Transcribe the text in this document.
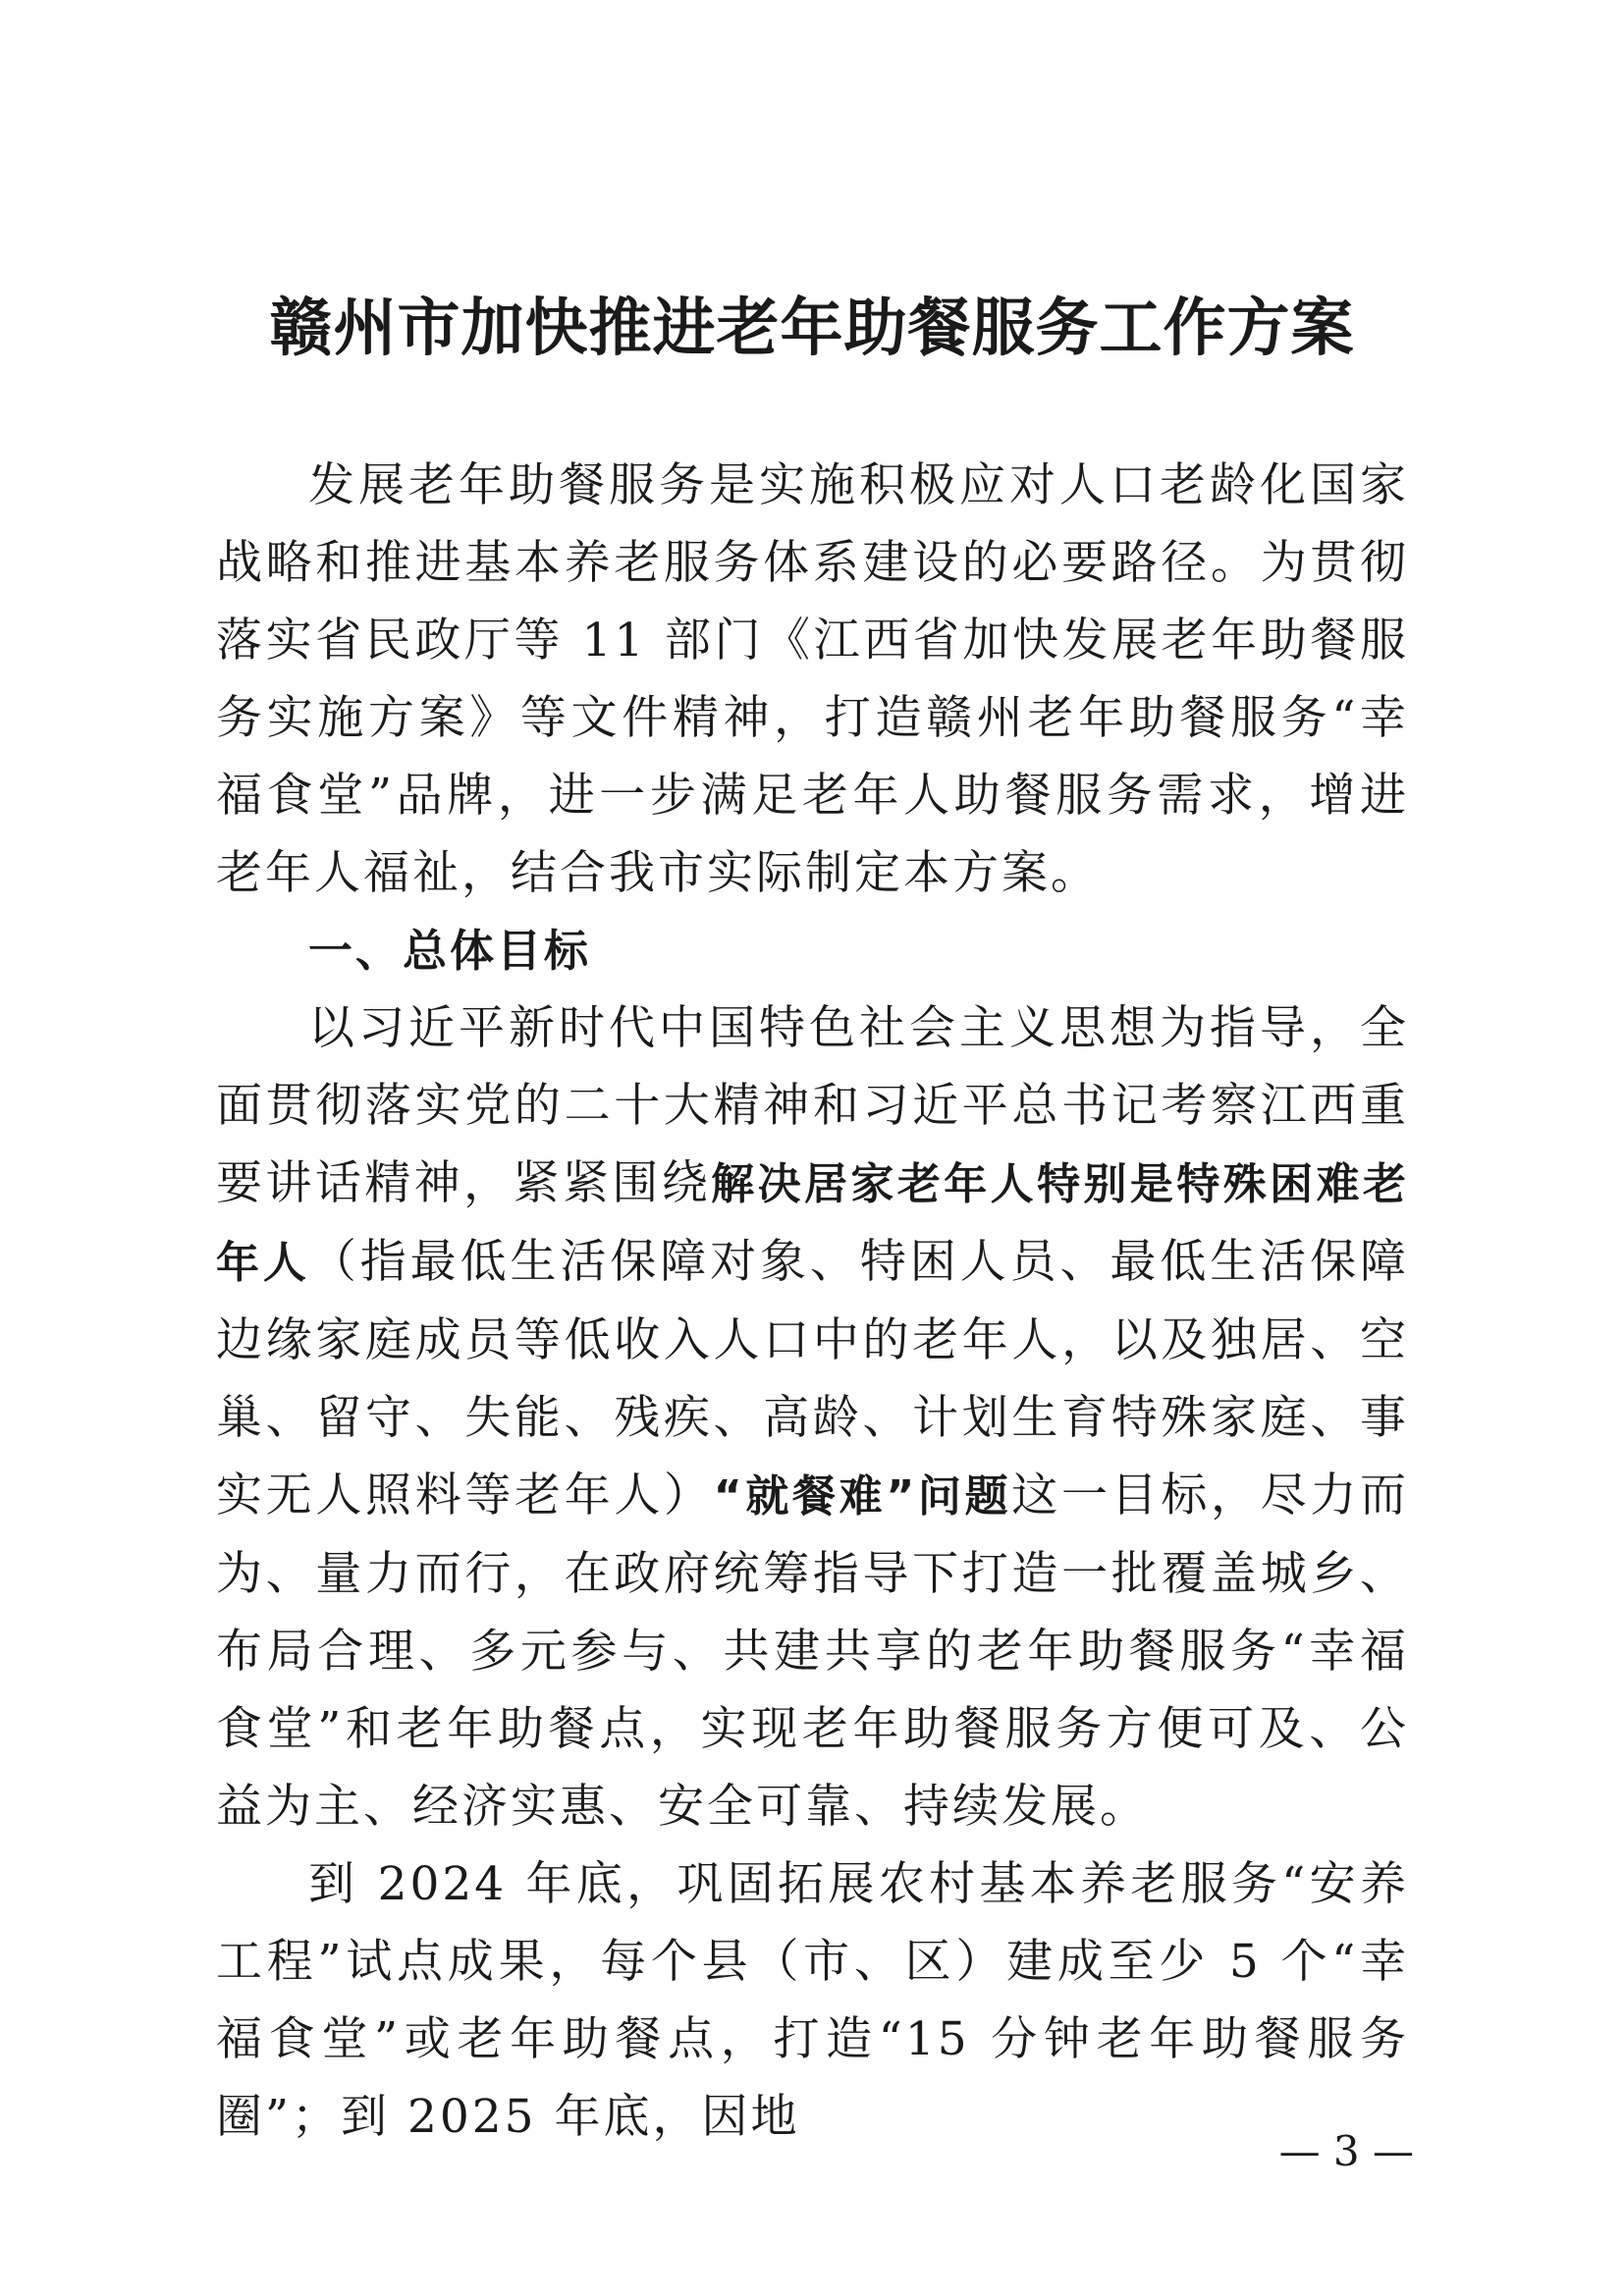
赣州市加快推进老年助餐服务工作方案

发展老年助餐服务是实施积极应对人口老龄化国家战略和推进基本养老服务体系建设的必要路径。为贯彻落实省民政厅等 11 部门《江西省加快发展老年助餐服务实施方案》等文件精神，打造赣州老年助餐服务“幸福食堂”品牌，进一步满足老年人助餐服务需求，增进老年人福祉，结合我市实际制定本方案。

一、总体目标

以习近平新时代中国特色社会主义思想为指导，全面贯彻落实党的二十大精神和习近平总书记考察江西重要讲话精神，紧紧围绕解决居家老年人特别是特殊困难老年人（指最低生活保障对象、特困人员、最低生活保障边缘家庭成员等低收入人口中的老年人，以及独居、空巢、留守、失能、残疾、高龄、计划生育特殊家庭、事实无人照料等老年人）“就餐难”问题这一目标，尽力而为、量力而行，在政府统筹指导下打造一批覆盖城乡、布局合理、多元参与、共建共享的老年助餐服务“幸福食堂”和老年助餐点，实现老年助餐服务方便可及、公益为主、经济实惠、安全可靠、持续发展。

到 2024 年底，巩固拓展农村基本养老服务“安养工程”试点成果，每个县（市、区）建成至少 5 个“幸福食堂”或老年助餐点，打造“15 分钟老年助餐服务圈”；到 2025 年底，因地

— 3 —
